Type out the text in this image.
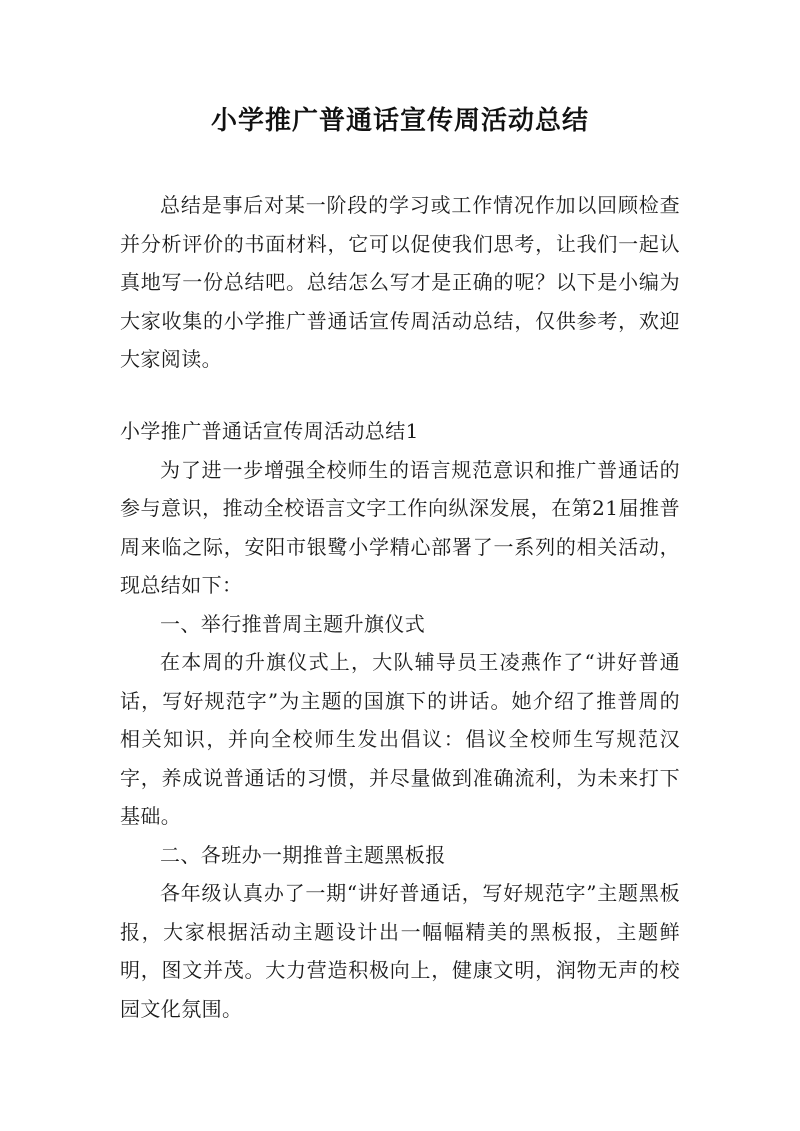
小学推广普通话宣传周活动总结

总结是事后对某一阶段的学习或工作情况作加以回顾检查并分析评价的书面材料，它可以促使我们思考，让我们一起认真地写一份总结吧。总结怎么写才是正确的呢？以下是小编为大家收集的小学推广普通话宣传周活动总结，仅供参考，欢迎大家阅读。

小学推广普通话宣传周活动总结1

为了进一步增强全校师生的语言规范意识和推广普通话的参与意识，推动全校语言文字工作向纵深发展，在第21届推普周来临之际，安阳市银鹭小学精心部署了一系列的相关活动，现总结如下：

一、举行推普周主题升旗仪式

在本周的升旗仪式上，大队辅导员王凌燕作了“讲好普通话，写好规范字”为主题的国旗下的讲话。她介绍了推普周的相关知识，并向全校师生发出倡议：倡议全校师生写规范汉字，养成说普通话的习惯，并尽量做到准确流利，为未来打下基础。

二、各班办一期推普主题黑板报

各年级认真办了一期“讲好普通话，写好规范字”主题黑板报，大家根据活动主题设计出一幅幅精美的黑板报，主题鲜明，图文并茂。大力营造积极向上，健康文明，润物无声的校园文化氛围。
